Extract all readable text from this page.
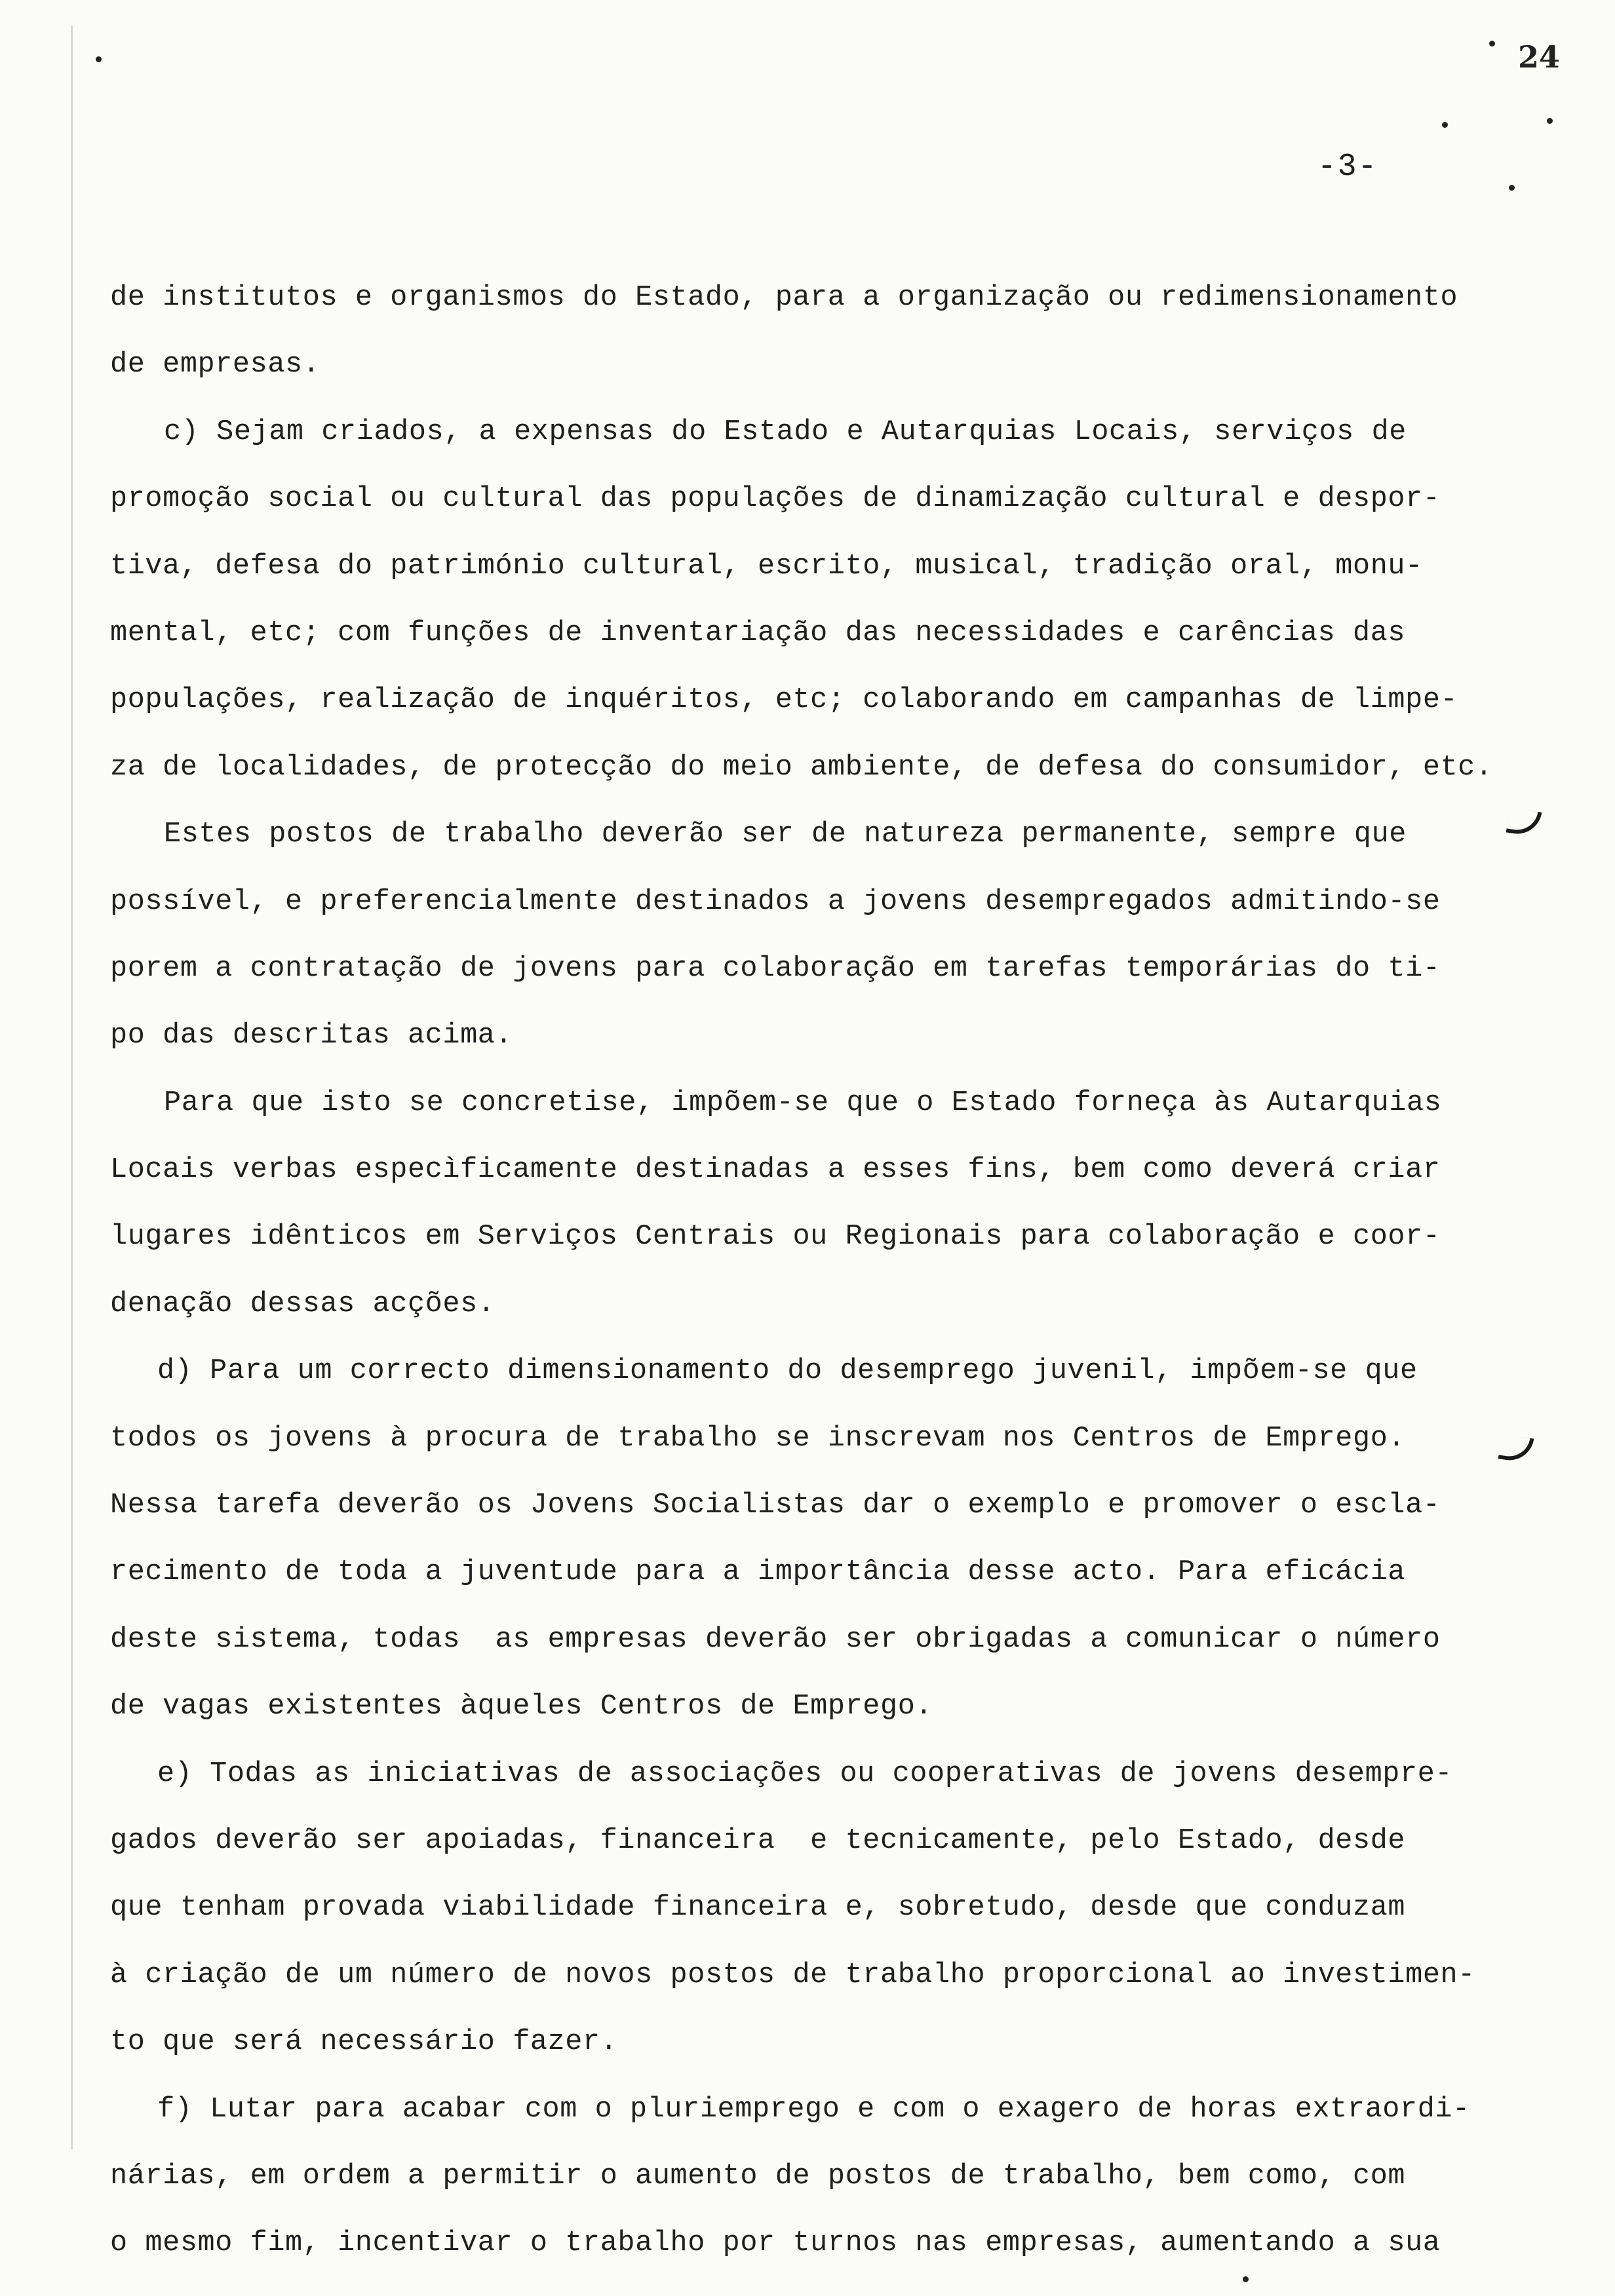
24
-3-
de institutos e organismos do Estado, para a organização ou redimensionamento
de empresas.
c) Sejam criados, a expensas do Estado e Autarquias Locais, serviços de
promoção social ou cultural das populações de dinamização cultural e despor-
tiva, defesa do património cultural, escrito, musical, tradição oral, monu-
mental, etc; com funções de inventariação das necessidades e carências das
populações, realização de inquéritos, etc; colaborando em campanhas de limpe-
za de localidades, de protecção do meio ambiente, de defesa do consumidor, etc.
Estes postos de trabalho deverão ser de natureza permanente, sempre que
possível, e preferencialmente destinados a jovens desempregados admitindo-se
porem a contratação de jovens para colaboração em tarefas temporárias do ti-
po das descritas acima.
Para que isto se concretise, impõem-se que o Estado forneça às Autarquias
Locais verbas especìficamente destinadas a esses fins, bem como deverá criar
lugares idênticos em Serviços Centrais ou Regionais para colaboração e coor-
denação dessas acções.
d) Para um correcto dimensionamento do desemprego juvenil, impõem-se que
todos os jovens à procura de trabalho se inscrevam nos Centros de Emprego.
Nessa tarefa deverão os Jovens Socialistas dar o exemplo e promover o escla-
recimento de toda a juventude para a importância desse acto. Para eficácia
deste sistema, todas  as empresas deverão ser obrigadas a comunicar o número
de vagas existentes àqueles Centros de Emprego.
e) Todas as iniciativas de associações ou cooperativas de jovens desempre-
gados deverão ser apoiadas, financeira  e tecnicamente, pelo Estado, desde
que tenham provada viabilidade financeira e, sobretudo, desde que conduzam
à criação de um número de novos postos de trabalho proporcional ao investimen-
to que será necessário fazer.
f) Lutar para acabar com o pluriemprego e com o exagero de horas extraordi-
nárias, em ordem a permitir o aumento de postos de trabalho, bem como, com
o mesmo fim, incentivar o trabalho por turnos nas empresas, aumentando a sua
